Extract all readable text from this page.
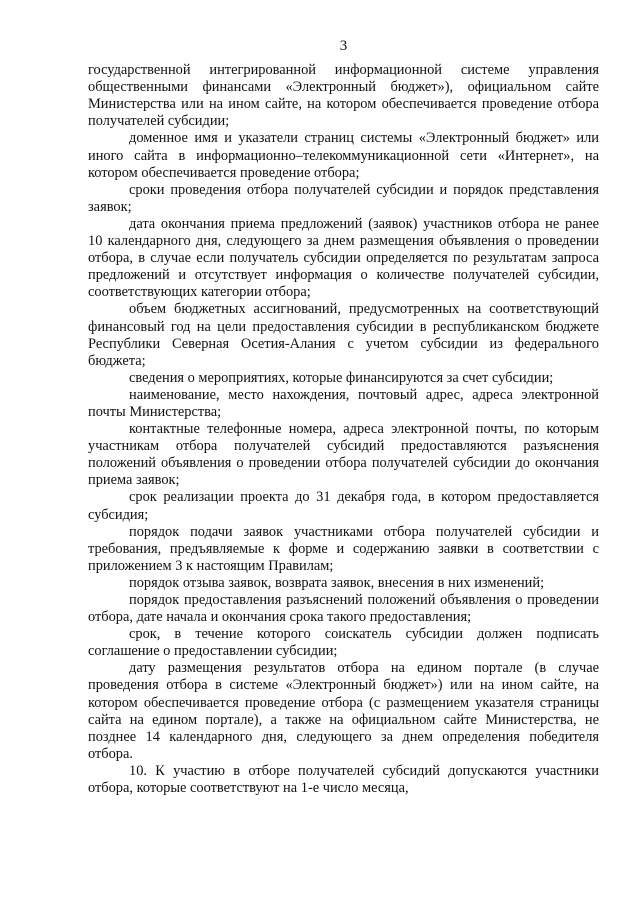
3

государственной интегрированной информационной системе управления общественными финансами «Электронный бюджет»), официальном сайте Министерства или на ином сайте, на котором обеспечивается проведение отбора получателей субсидии;

доменное имя и указатели страниц системы «Электронный бюджет» или иного сайта в информационно–телекоммуникационной сети «Интернет», на котором обеспечивается проведение отбора;

сроки проведения отбора получателей субсидии и порядок представления заявок;

дата окончания приема предложений (заявок) участников отбора не ранее 10 календарного дня, следующего за днем размещения объявления о проведении отбора, в случае если получатель субсидии определяется по результатам запроса предложений и отсутствует информация о количестве получателей субсидии, соответствующих категории отбора;

объем бюджетных ассигнований, предусмотренных на соответствующий финансовый год на цели предоставления субсидии в республиканском бюджете Республики Северная Осетия-Алания с учетом субсидии из федерального бюджета;

сведения о мероприятиях, которые финансируются за счет субсидии;

наименование, место нахождения, почтовый адрес, адреса электронной почты Министерства;

контактные телефонные номера, адреса электронной почты, по которым участникам отбора получателей субсидий предоставляются разъяснения положений объявления о проведении отбора получателей субсидии до окончания приема заявок;

срок реализации проекта до 31 декабря года, в котором предоставляется субсидия;

порядок подачи заявок участниками отбора получателей субсидии и требования, предъявляемые к форме и содержанию заявки в соответствии с приложением 3 к настоящим Правилам;

порядок отзыва заявок, возврата заявок, внесения в них изменений;

порядок предоставления разъяснений положений объявления о проведении отбора, дате начала и окончания срока такого предоставления;

срок, в течение которого соискатель субсидии должен подписать соглашение о предоставлении субсидии;

дату размещения результатов отбора на едином портале (в случае проведения отбора в системе «Электронный бюджет») или на ином сайте, на котором обеспечивается проведение отбора (с размещением указателя страницы сайта на едином портале), а также на официальном сайте Министерства, не позднее 14 календарного дня, следующего за днем определения победителя отбора.

10. К участию в отборе получателей субсидий допускаются участники отбора, которые соответствуют на 1-е число месяца,
